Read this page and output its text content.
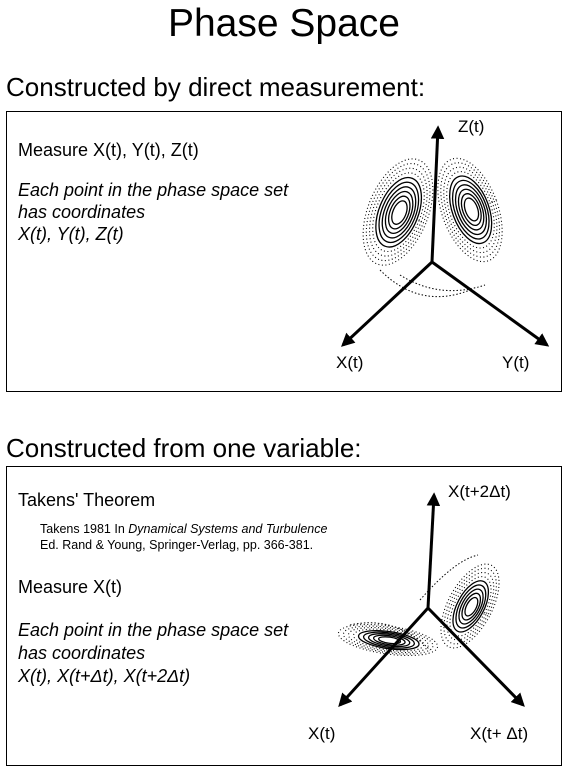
Phase Space
Constructed by direct measurement:
Measure X(t), Y(t), Z(t)
Each point in the phase space set
has coordinates
X(t), Y(t), Z(t)
Z(t)
X(t)	Y(t)
Constructed from one variable:
Takens' Theorem
Takens 1981 In Dynamical Systems and Turbulence
Ed. Rand & Young, Springer-Verlag, pp. 366-381.
Measure X(t)
Each point in the phase space set
has coordinates
X(t), X(t+Δt), X(t+2Δt)
X(t+2Δt)
X(t)	X(t+ Δt)
